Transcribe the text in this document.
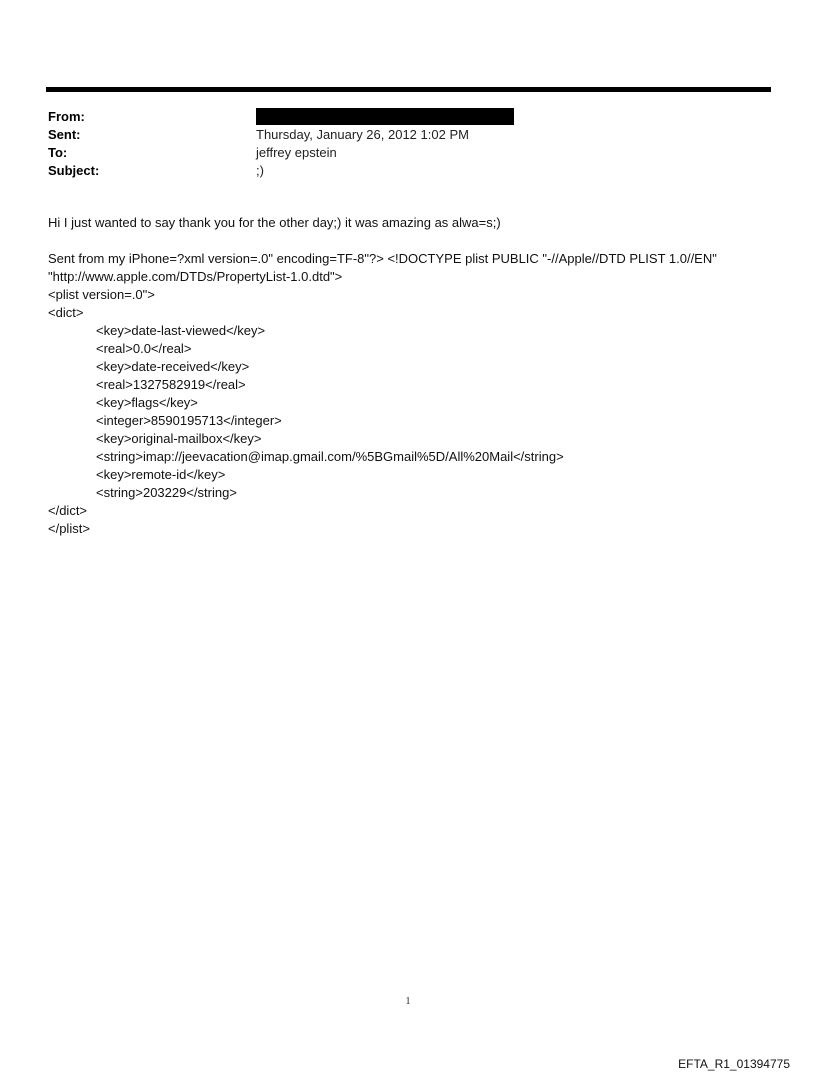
From:
Sent:	Thursday, January 26, 2012 1:02 PM
To:	jeffrey epstein
Subject:	;)

Hi I just wanted to say thank you for the other day;) it was amazing as alwa=s;)

Sent from my iPhone=?xml version=.0" encoding=TF-8"?> <!DOCTYPE plist PUBLIC "-//Apple//DTD PLIST 1.0//EN"

"http://www.apple.com/DTDs/PropertyList-1.0.dtd">

<plist version=.0">

<dict>

<key>date-last-viewed</key>

<real>0.0</real>

<key>date-received</key>

<real>1327582919</real>

<key>flags</key>

<integer>8590195713</integer>

<key>original-mailbox</key>

<string>imap://jeevacation@imap.gmail.com/%5BGmail%5D/All%20Mail</string>

<key>remote-id</key>

<string>203229</string>

</dict>

</plist>

1
EFTA_R1_01394775
